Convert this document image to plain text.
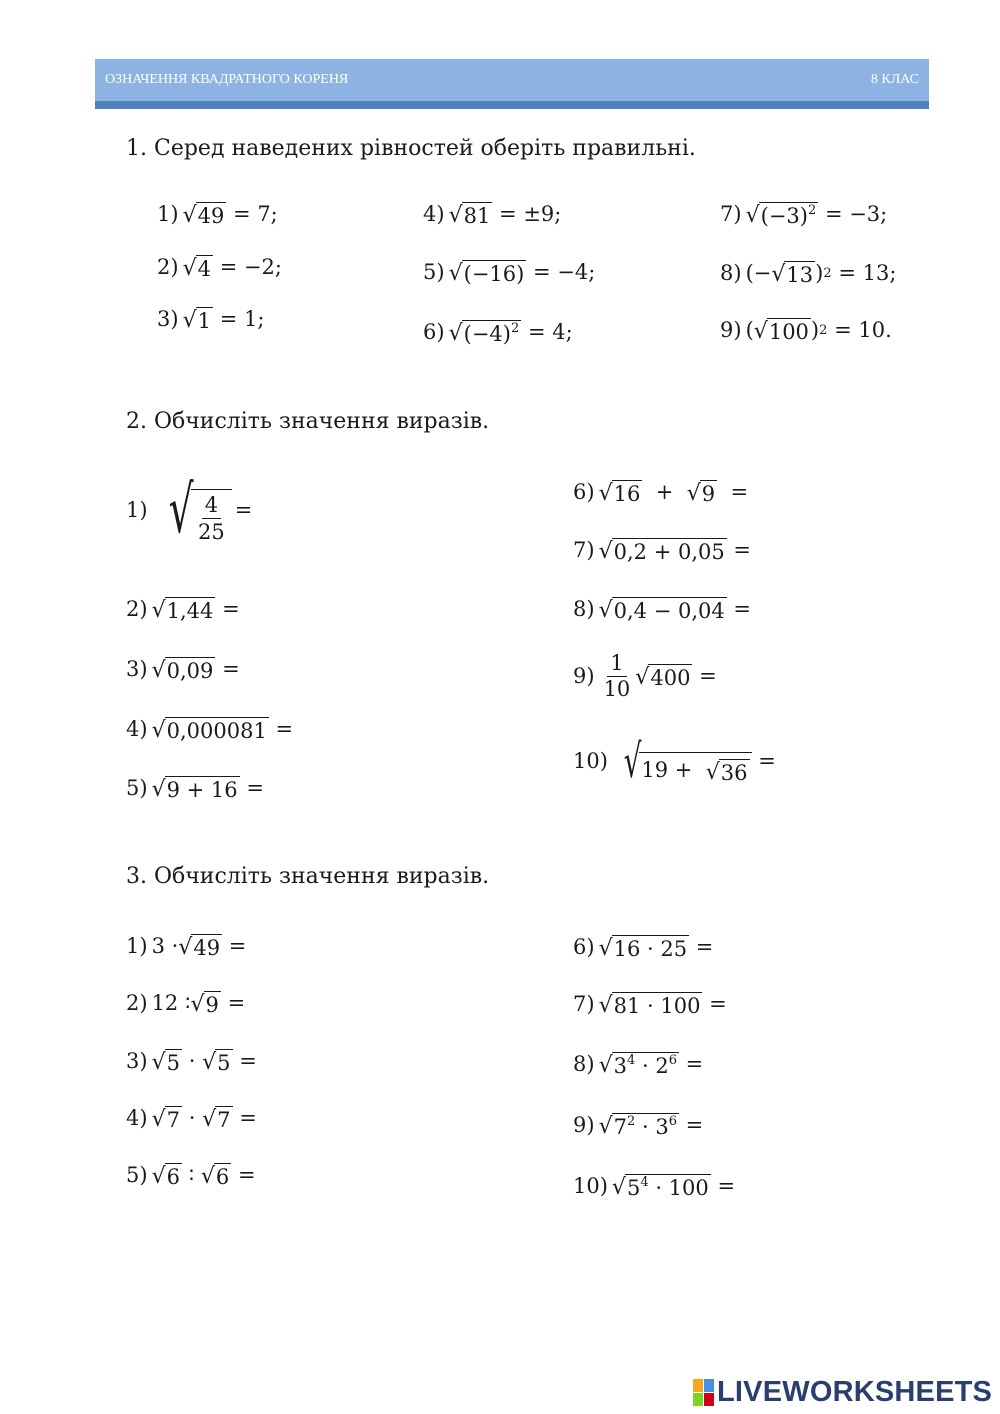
ОЗНАЧЕННЯ КВАДРАТНОГО КОРЕНЯ	8 КЛАС
1. Серед наведених рівностей оберіть правильні.
1) √ 49
= 7;
2) √ 4
= −2;
3) √ 1
= 1;
4) √ 81
= ±9;
5) √ (−16)
= −4;
6) √ $(-4)^2$
= 4;
7) √ $(-3)^2$
= −3;
8) (− √ 13 ) 2
= 13;
9) ( √ 100 ) 2
= 10.
2. Обчисліть значення виразів.
1) √ $\frac{4}{25}$ =
2) √ 1,44
=
3) √ 0,09
=
4) √ 0,000081
=
5) √ 9 + 16
=
6) √ 16
+
√ 9
=
7) √ 0,2 + 0,05
=
8) √ 0,4 − 0,04
=
$9) \frac{1}{10}$ √ 400
=
10) √ 19 + √ 36

=
3. Обчисліть значення виразів.
1) 3 · √ 49
=
2) 12 ∶ √ 9
=
3) √ 5
·
√ 5
=
4) √ 7
·
√ 7
=
5) √ 6
∶
√ 6
=
6) √ 16 · 25
=
7) √ 81 · 100
=
8) √ $3^4 \cdot 2^6$
=
9) √ $7^2 \cdot 3^6$
=
10) √ $5^4 \cdot 100$
=
LIVEWORKSHEETS
